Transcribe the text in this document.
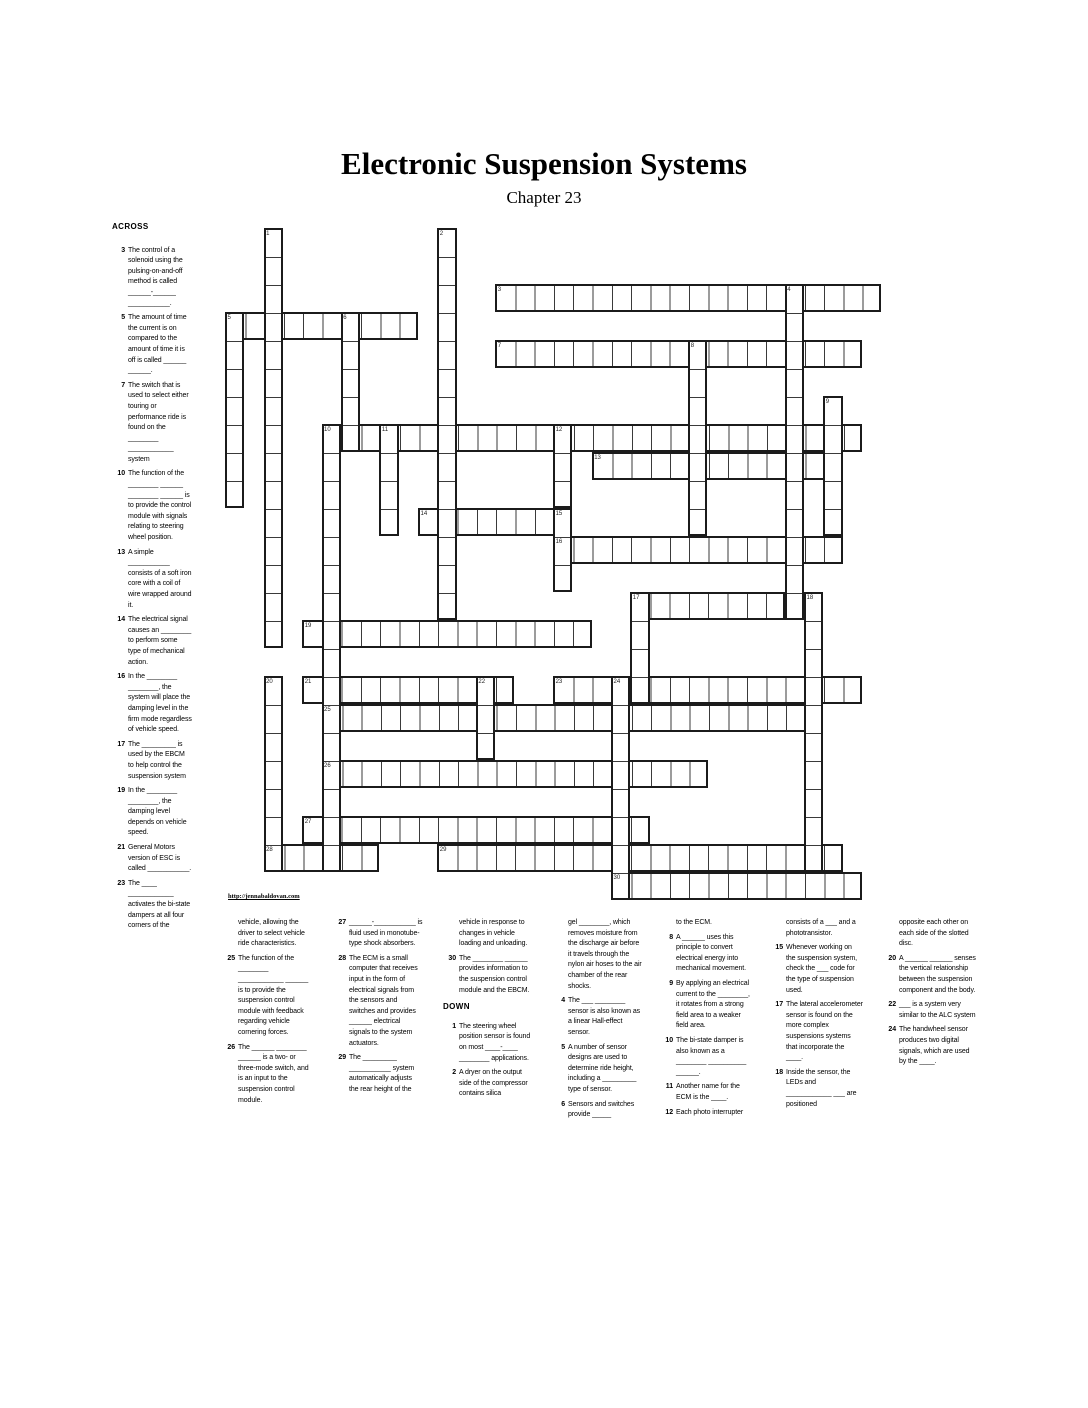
Electronic Suspension Systems
Chapter 23
3
5
7
10
13
14
16
17
19
21	23
25
26
27
28	29
30
1	2
4
6
8
9
11	12
15
18
20	22	24
http://jennabaldovan.com
ACROSS
3 The control of a solenoid using the pulsing-on-and-off method is called ______-______ ___________.
5 The amount of time the current is on compared to the amount of time it is off is called ______ ______.
7 The switch that is used to select either touring or performance ride is found on the ________ ____________ system
10 The function of the ________ ______ ________ ______ is to provide the control module with signals relating to steering wheel position.
13 A simple ___________ consists of a soft iron core with a coil of wire wrapped around it.
14 The electrical signal causes an ________ to perform some type of mechanical action.
16 In the ________ ________, the system will place the damping level in the firm mode regardless of vehicle speed.
17 The _________ is used by the EBCM to help control the suspension system
19 In the ________ ________, the damping level depends on vehicle speed.
21 General Motors version of ESC is called ___________.
23 The ____ ____________ activates the bi-state dampers at all four corners of the	vehicle, allowing the driver to select vehicle ride characteristics.
25 The function of the ________ ____________ ______ is to provide the suspension control module with feedback regarding vehicle cornering forces.
26 The ______ ________ ______ is a two- or three-mode switch, and is an input to the suspension control module.
27 ______-___________ is fluid used in monotube-type shock absorbers.
28 The ECM is a small computer that receives input in the form of electrical signals from the sensors and switches and provides ______ electrical signals to the system actuators.
29 The _________ ___________ system automatically adjusts the rear height of the
vehicle in response to changes in vehicle loading and unloading.
30 The ________ ______ provides information to the suspension control module and the EBCM.
DOWN
1 The steering wheel position sensor is found on most ____-____ ________ applications.
2 A dryer on the output side of the compressor contains silica
gel ________, which removes moisture from the discharge air before it travels through the nylon air hoses to the air chamber of the rear shocks.
4 The ___ ________ sensor is also known as a linear Hall-effect sensor.
5 A number of sensor designs are used to determine ride height, including a _________ type of sensor.
6 Sensors and switches provide _____
to the ECM.
8 A ______ uses this principle to convert electrical energy into mechanical movement.
9 By applying an electrical current to the ________, it rotates from a strong field area to a weaker field area.
10 The bi-state damper is also known as a ________ __________ ______.
11 Another name for the ECM is the ____.
12 Each photo interrupter
consists of a ___ and a phototransistor.
15 Whenever working on the suspension system, check the ___ code for the type of suspension used.
17 The lateral accelerometer sensor is found on the more complex suspensions systems that incorporate the ____.
18 Inside the sensor, the LEDs and ____________ ___ are positioned
opposite each other on each side of the slotted disc.
20 A ______ ______ senses the vertical relationship between the suspension component and the body.
22 ___ is a system very similar to the ALC system
24 The handwheel sensor produces two digital signals, which are used by the ____.
